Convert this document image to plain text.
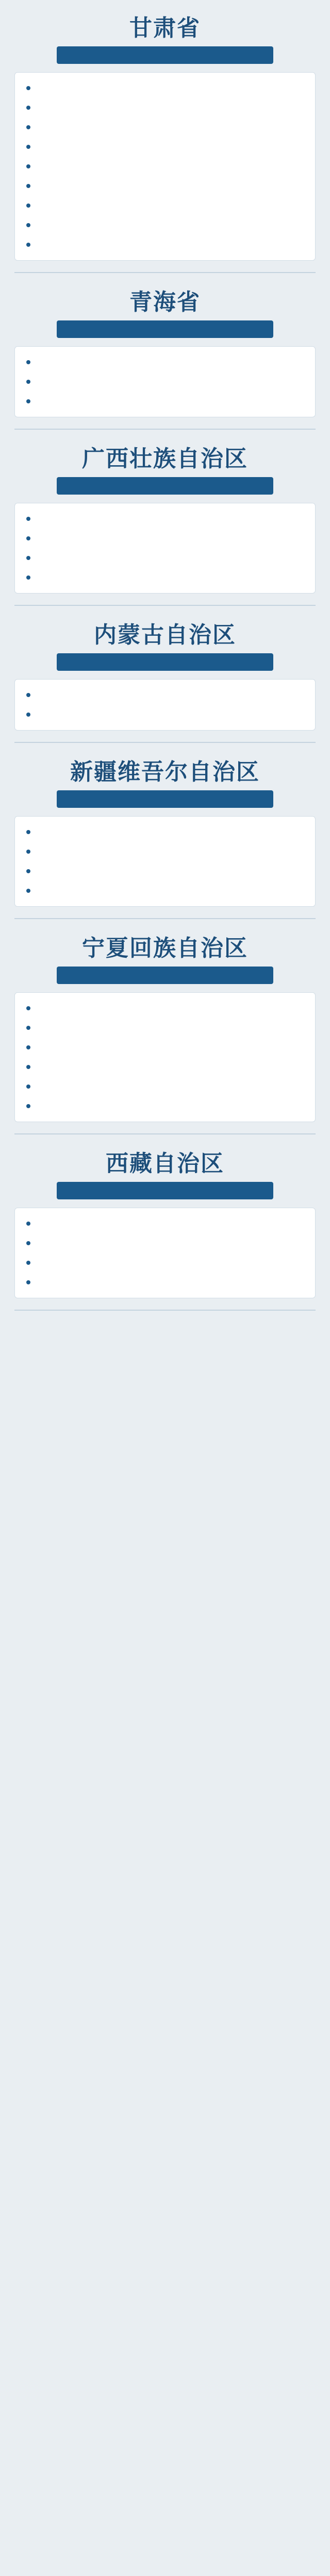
甘肃省
青海省
广西壮族自治区
内蒙古自治区
新疆维吾尔自治区
宁夏回族自治区
西藏自治区
